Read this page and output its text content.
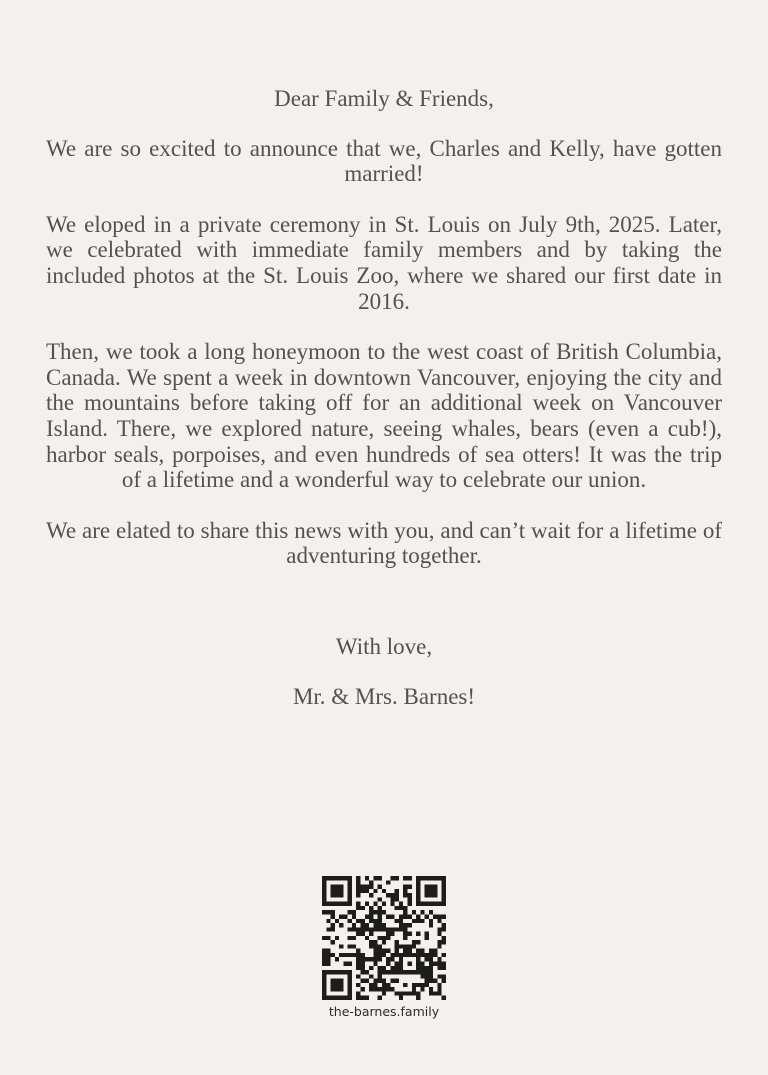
Dear Family & Friends,

We are so excited to announce that we, Charles and Kelly, have gotten married!

We eloped in a private ceremony in St. Louis on July 9th, 2025. Later, we celebrated with immediate family members and by taking the included photos at the St. Louis Zoo, where we shared our first date in 2016.

Then, we took a long honeymoon to the west coast of British Columbia, Canada. We spent a week in downtown Vancouver, enjoying the city and the mountains before taking off for an additional week on Vancouver Island. There, we explored nature, seeing whales, bears (even a cub!), harbor seals, porpoises, and even hundreds of sea otters! It was the trip of a lifetime and a wonderful way to celebrate our union.

We are elated to share this news with you, and can’t wait for a lifetime of adventuring together.

With love,

Mr. & Mrs. Barnes!

the-barnes.family
